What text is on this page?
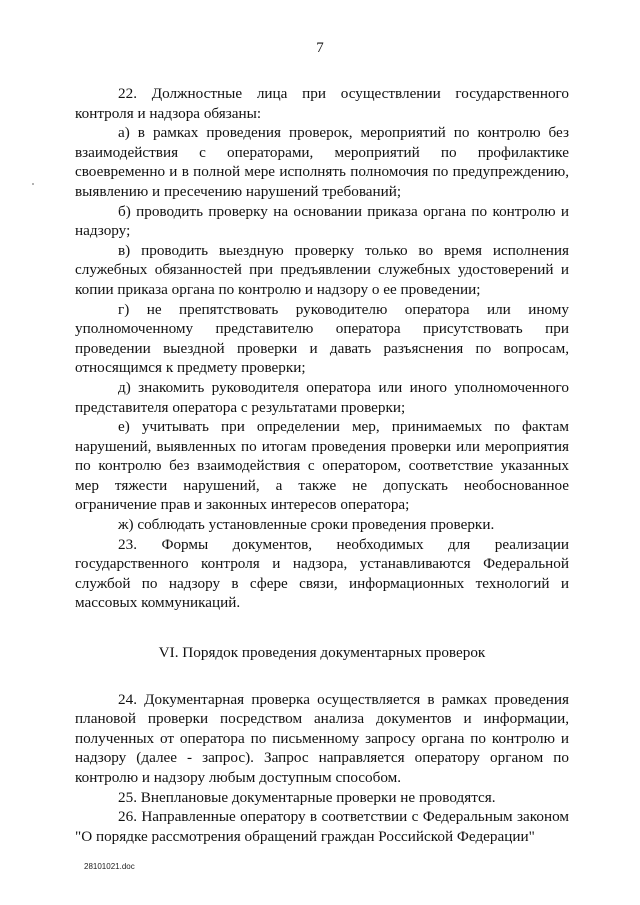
7

22. Должностные лица при осуществлении государственного контроля и надзора обязаны:

а) в рамках проведения проверок, мероприятий по контролю без взаимодействия с операторами, мероприятий по профилактике своевременно и в полной мере исполнять полномочия по предупреждению, выявлению и пресечению нарушений требований;

б) проводить проверку на основании приказа органа по контролю и надзору;

в) проводить выездную проверку только во время исполнения служебных обязанностей при предъявлении служебных удостоверений и копии приказа органа по контролю и надзору о ее проведении;

г) не препятствовать руководителю оператора или иному уполномоченному представителю оператора присутствовать при проведении выездной проверки и давать разъяснения по вопросам, относящимся к предмету проверки;

д) знакомить руководителя оператора или иного уполномоченного представителя оператора с результатами проверки;

е) учитывать при определении мер, принимаемых по фактам нарушений, выявленных по итогам проведения проверки или мероприятия по контролю без взаимодействия с оператором, соответствие указанных мер тяжести нарушений, а также не допускать необоснованное ограничение прав и законных интересов оператора;

ж) соблюдать установленные сроки проведения проверки.

23. Формы документов, необходимых для реализации государственного контроля и надзора, устанавливаются Федеральной службой по надзору в сфере связи, информационных технологий и массовых коммуникаций.

VI. Порядок проведения документарных проверок

24. Документарная проверка осуществляется в рамках проведения плановой проверки посредством анализа документов и информации, полученных от оператора по письменному запросу органа по контролю и надзору (далее - запрос). Запрос направляется оператору органом по контролю и надзору любым доступным способом.

25. Внеплановые документарные проверки не проводятся.

26. Направленные оператору в соответствии с Федеральным законом "О порядке рассмотрения обращений граждан Российской Федерации"

28101021.doc
